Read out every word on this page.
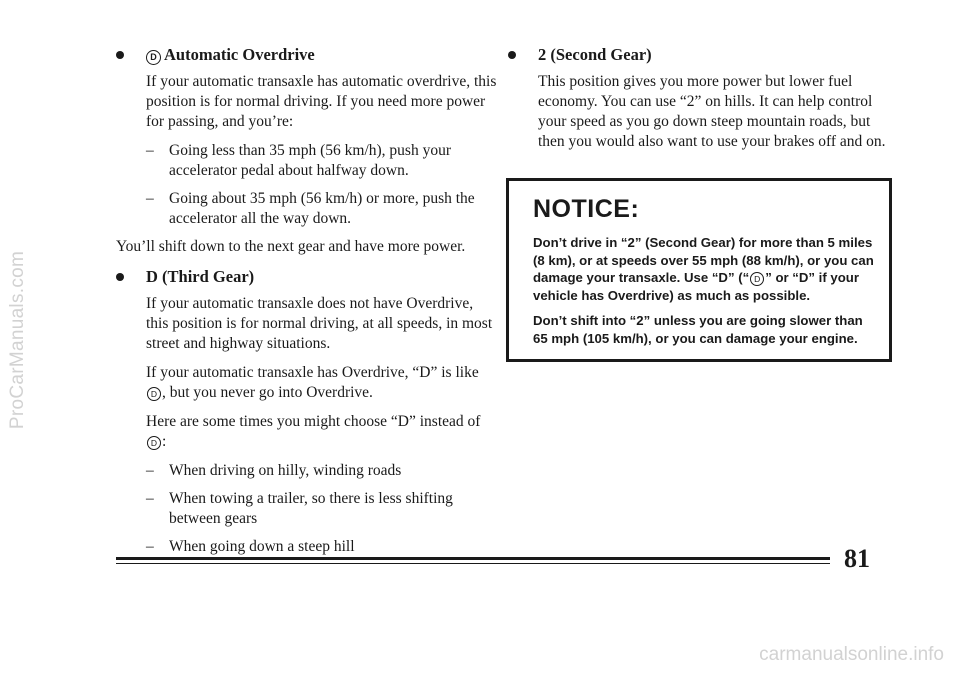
ProCarManuals.com
D Automatic Overdrive

If your automatic transaxle has automatic overdrive, this position is for normal driving. If you need more power for passing, and you’re:

– Going less than 35 mph (56 km/h), push your accelerator pedal about halfway down.
– Going about 35 mph (56 km/h) or more, push the accelerator all the way down.

You’ll shift down to the next gear and have more power.

D (Third Gear)

If your automatic transaxle does not have Overdrive, this position is for normal driving, at all speeds, in most street and highway situations.

If your automatic transaxle has Overdrive, “D” is like D , but you never go into Overdrive.

Here are some times you might choose “D” instead of D :

– When driving on hilly, winding roads
– When towing a trailer, so there is less shifting between gears
– When going down a steep hill
2 (Second Gear)

This position gives you more power but lower fuel economy. You can use “2” on hills. It can help control your speed as you go down steep mountain roads, but then you would also want to use your brakes off and on.

NOTICE:

Don’t drive in “2” (Second Gear) for more than 5 miles (8 km), or at speeds over 55 mph (88 km/h), or you can damage your transaxle. Use “D” (“ D ” or “D” if your vehicle has Overdrive) as much as possible.

Don’t shift into “2” unless you are going slower than 65 mph (105 km/h), or you can damage your engine.

81
carmanualsonline.info
